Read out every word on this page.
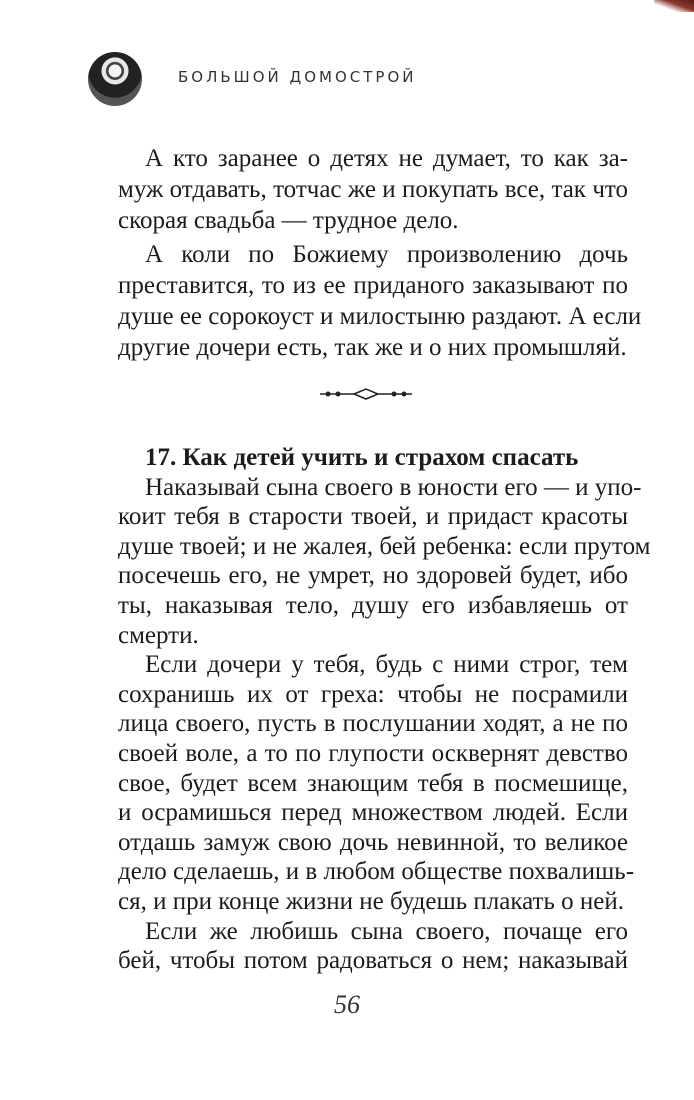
БОЛЬШОЙ ДОМОСТРОЙ
А кто заранее о детях не думает, то как за-
муж отдавать, тотчас же и покупать все, так что
скорая свадьба — трудное дело.
А коли по Божиему произволению дочь
преставится, то из ее приданого заказывают по
душе ее сорокоуст и милостыню раздают. А если
другие дочери есть, так же и о них промышляй.
17. Как детей учить и страхом спасать
Наказывай сына своего в юности его — и упо-
коит тебя в старости твоей, и придаст красоты
душе твоей; и не жалея, бей ребенка: если прутом
посечешь его, не умрет, но здоровей будет, ибо
ты, наказывая тело, душу его избавляешь от
смерти.
Если дочери у тебя, будь с ними строг, тем
сохранишь их от греха: чтобы не посрамили
лица своего, пусть в послушании ходят, а не по
своей воле, а то по глупости осквернят девство
свое, будет всем знающим тебя в посмешище,
и осрамишься перед множеством людей. Если
отдашь замуж свою дочь невинной, то великое
дело сделаешь, и в любом обществе похвалишь-
ся, и при конце жизни не будешь плакать о ней.
Если же любишь сына своего, почаще его
бей, чтобы потом радоваться о нем; наказывай
56
